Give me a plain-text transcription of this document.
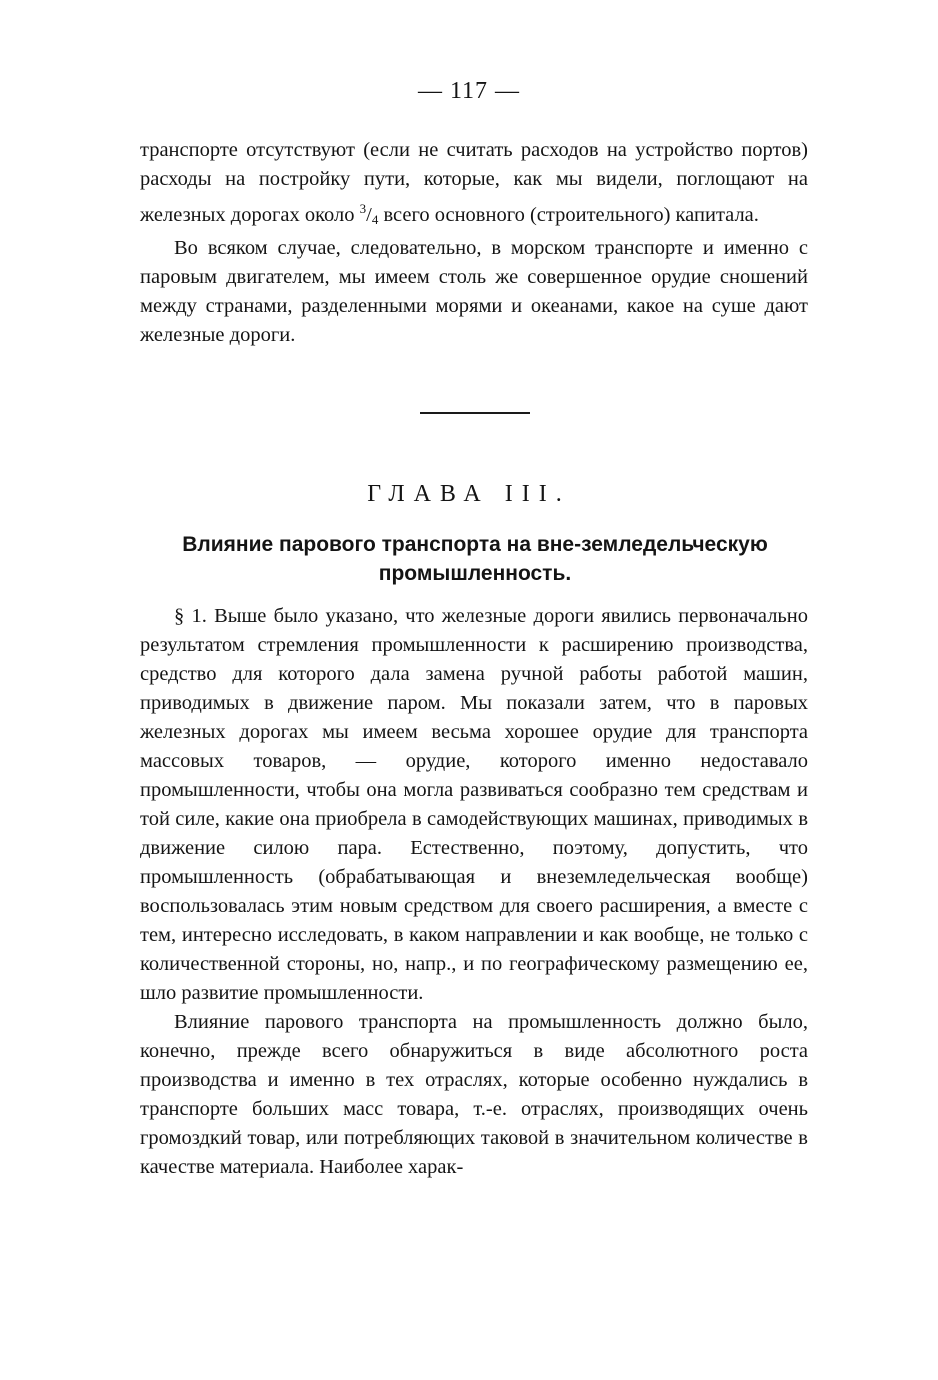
— 117 —

транспорте отсутствуют (если не считать расходов на устройство портов) расходы на постройку пути, которые, как мы видели, поглощают на железных дорогах около $^3/_4$ всего основного (строительного) капитала.

Во всяком случае, следовательно, в морском транспорте и именно с паровым двигателем, мы имеем столь же совершенное орудие сношений между странами, разделенными морями и океанами, какое на суше дают железные дороги.

ГЛАВА III.
Влияние парового транспорта на вне-земледельческую промышленность.

§ 1. Выше было указано, что железные дороги явились первоначально результатом стремления промышленности к расширению производства, средство для которого дала замена ручной работы работой машин, приводимых в движение паром. Мы показали затем, что в паровых железных дорогах мы имеем весьма хорошее орудие для транспорта массовых товаров, — орудие, которого именно недоставало промышленности, чтобы она могла развиваться сообразно тем средствам и той силе, какие она приобрела в самодействующих машинах, приводимых в движение силою пара. Естественно, поэтому, допустить, что промышленность (обрабатывающая и внеземледельческая вообще) воспользовалась этим новым средством для своего расширения, а вместе с тем, интересно исследовать, в каком направлении и как вообще, не только с количественной стороны, но, напр., и по географическому размещению ее, шло развитие промышленности.

Влияние парового транспорта на промышленность должно было, конечно, прежде всего обнаружиться в виде абсолютного роста производства и именно в тех отраслях, которые особенно нуждались в транспорте больших масс товара, т.-е. отраслях, производящих очень громоздкий товар, или потребляющих таковой в значительном количестве в качестве материала. Наиболее харак-
